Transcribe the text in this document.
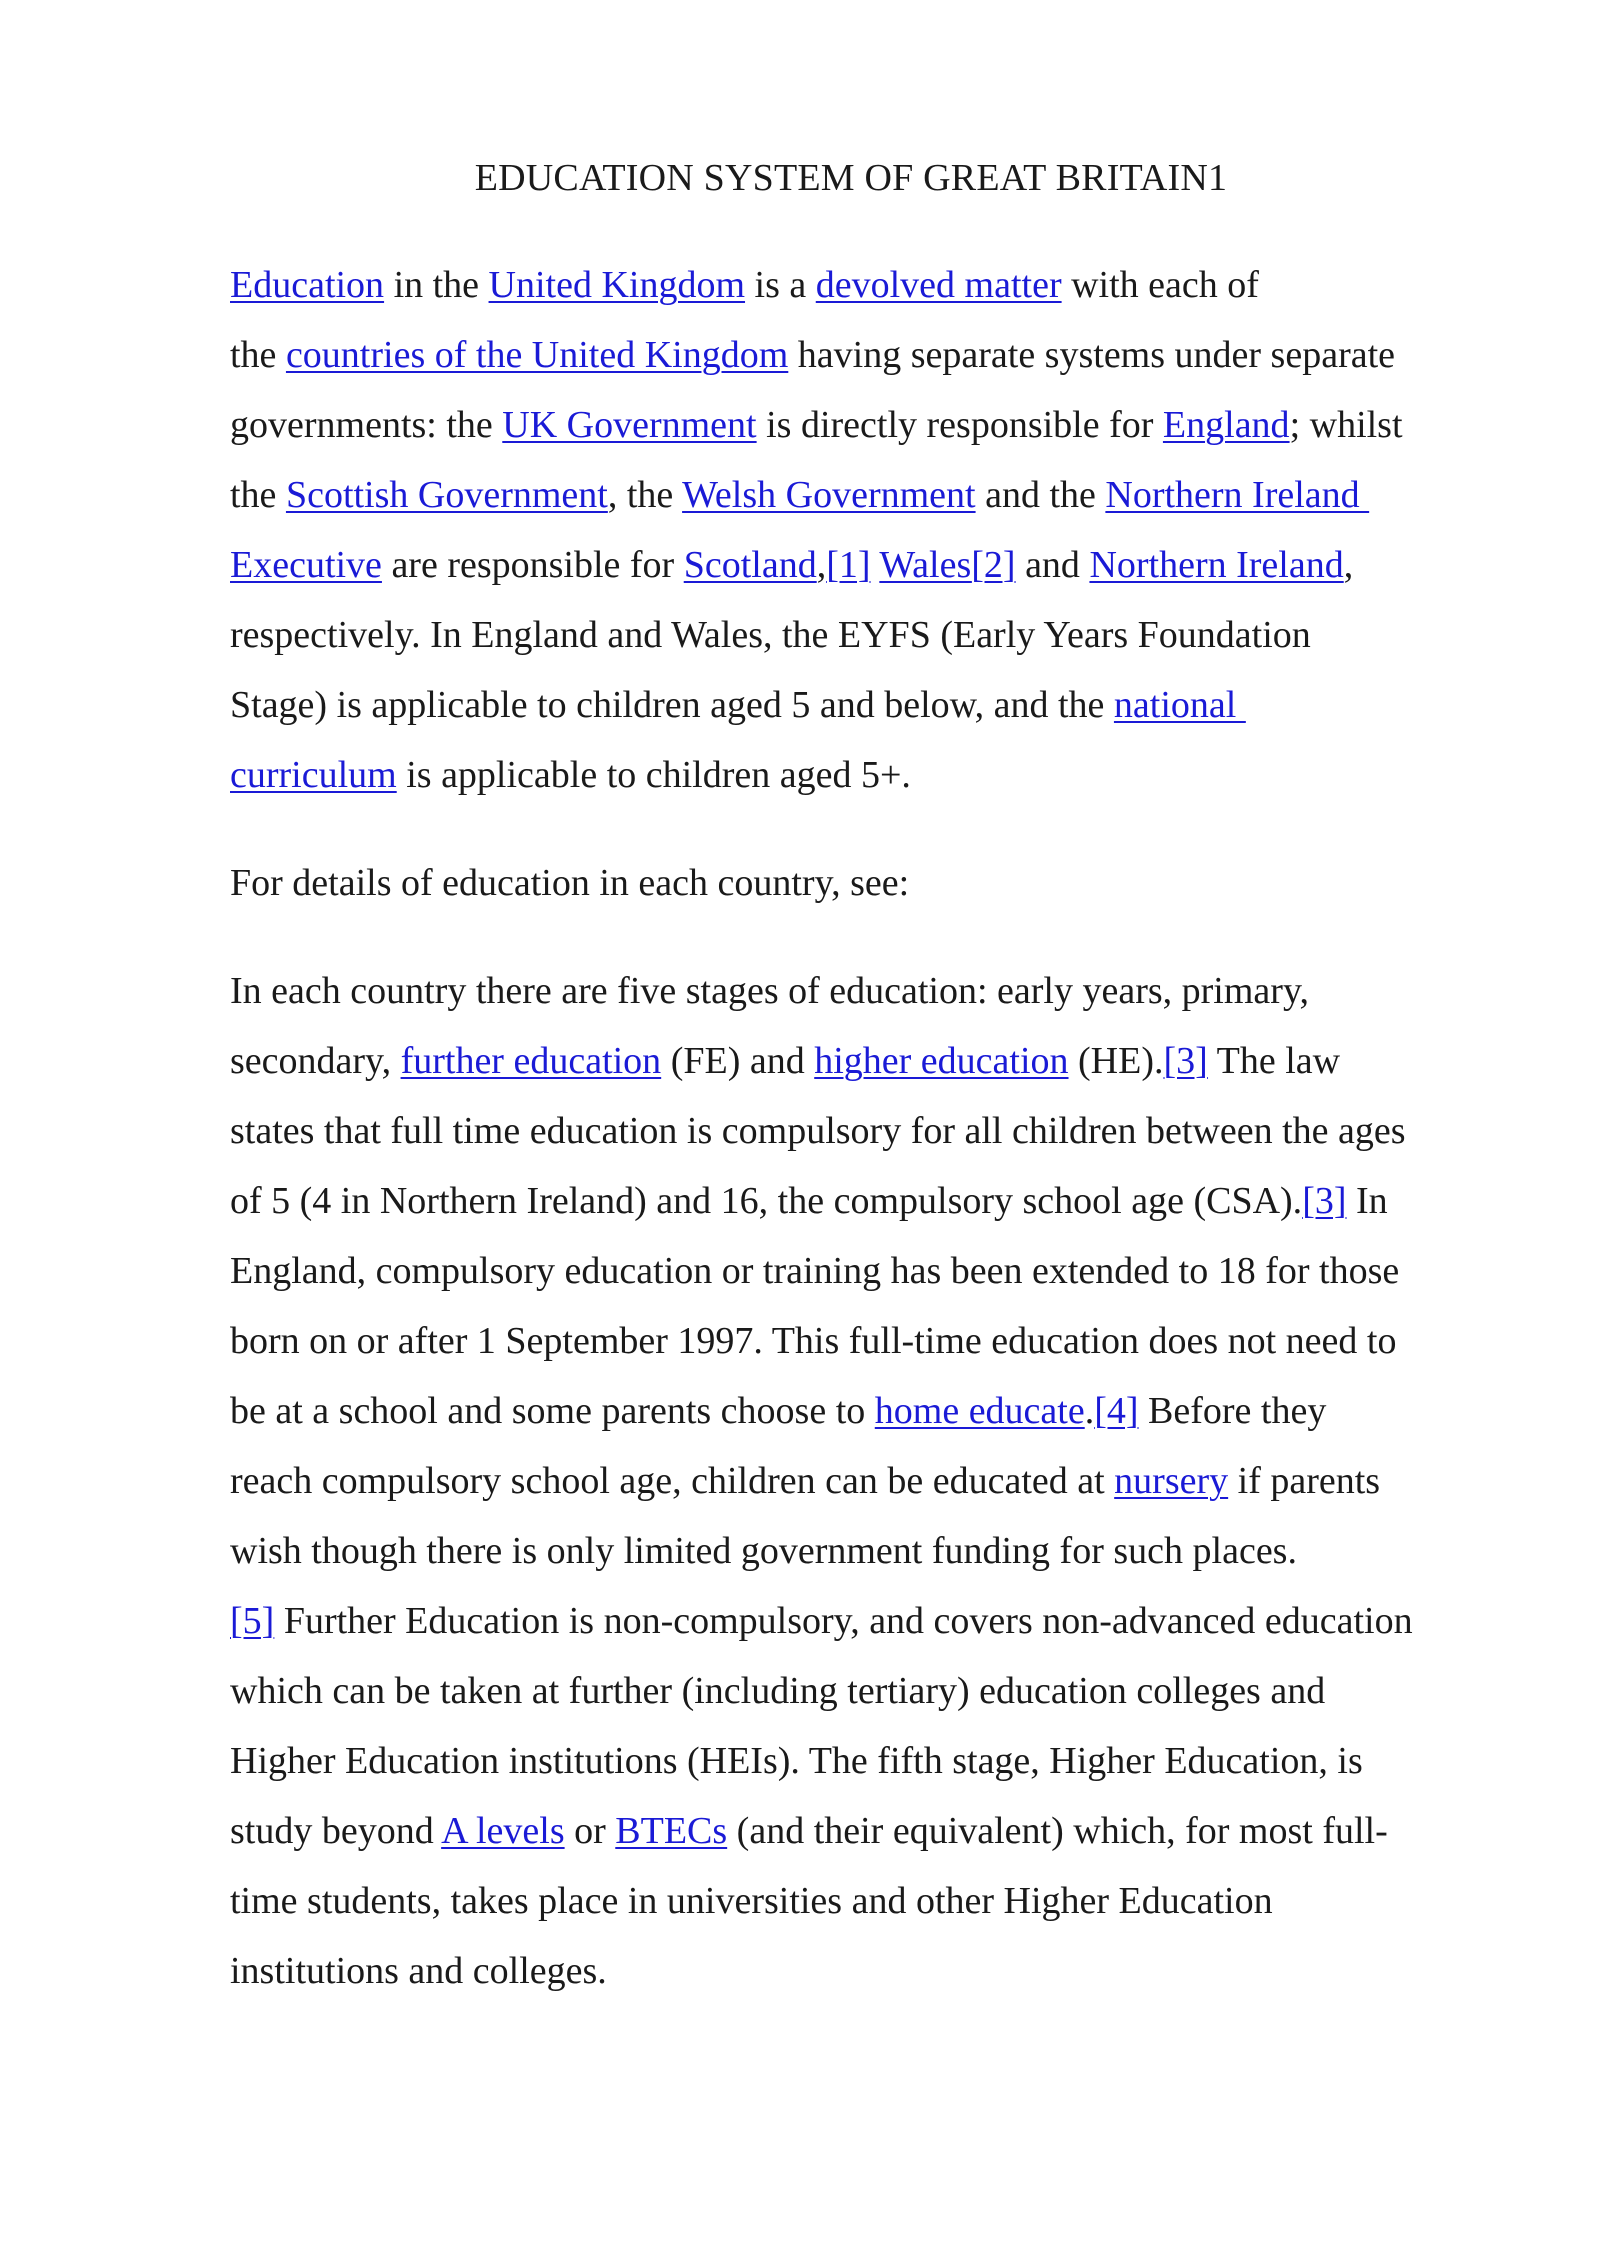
EDUCATION SYSTEM OF GREAT BRITAIN1
Education in the United Kingdom is a devolved matter with each of
the countries of the United Kingdom having separate systems under separate
governments: the UK Government is directly responsible for England; whilst
the Scottish Government, the Welsh Government and the Northern Ireland
Executive are responsible for Scotland,[1] Wales[2] and Northern Ireland,
respectively. In England and Wales, the EYFS (Early Years Foundation
Stage) is applicable to children aged 5 and below, and the national
curriculum is applicable to children aged 5+.
For details of education in each country, see:
In each country there are five stages of education: early years, primary,
secondary, further education (FE) and higher education (HE).[3] The law
states that full time education is compulsory for all children between the ages
of 5 (4 in Northern Ireland) and 16, the compulsory school age (CSA).[3] In
England, compulsory education or training has been extended to 18 for those
born on or after 1 September 1997. This full-time education does not need to
be at a school and some parents choose to home educate.[4] Before they
reach compulsory school age, children can be educated at nursery if parents
wish though there is only limited government funding for such places.
[5] Further Education is non-compulsory, and covers non-advanced education
which can be taken at further (including tertiary) education colleges and
Higher Education institutions (HEIs). The fifth stage, Higher Education, is
study beyond A levels or BTECs (and their equivalent) which, for most full-
time students, takes place in universities and other Higher Education
institutions and colleges.
